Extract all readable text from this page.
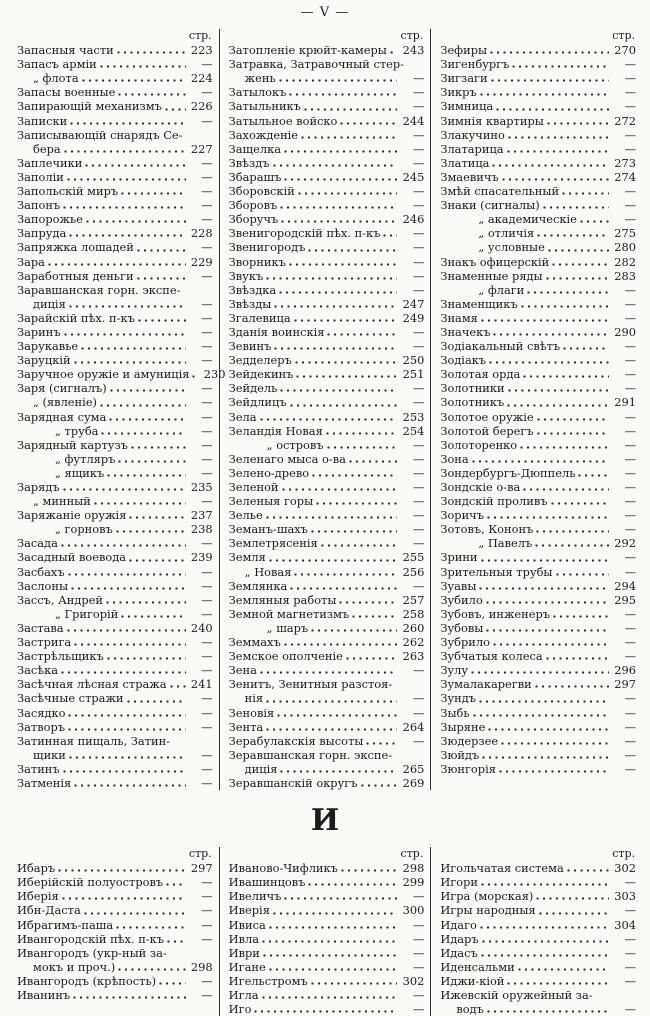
— V —
стр.
Запасныя части	223
Запасъ арміи	—
„ флота	224
Запасы военные	—
Запирающій механизмъ	226
Записки	—
Записывающій снарядъ Се-
бера	227
Заплечики	—
Заполіи	—
Запольскій миръ	—
Запонъ	—
Запорожье	—
Запруда	228
Запряжка лошадей	—
Зара	229
Заработныя деньги	—
Заравшанская горн. экспе-
диція	—
Зарайскій пѣх. п-къ	—
Заринъ	—
Зарукавье	—
Заруцкій	—
Заручное оружіе и амуниція 230
Заря (сигналъ)	—
„ (явленіе)	—
Зарядная сума	—
„ труба	—
Зарядный картузъ	—
„ футляръ	—
„ ящикъ	—
Зарядъ	235
„ минный	—
Заряжаніе оружія	237
„ горновъ	238
Засада	—
Засадный воевода	239
Засбахъ	—
Заслоны	—
Зассъ, Андрей	—
„ Григорій	—
Застава	240
Застрига	—
Застрѣльщикъ	—
Засѣка	—
Засѣчная лѣсная стража 241
Засѣчные стражи	—
Засядко	—
Затворъ	—
Затинная пищаль, Затин-
щики	—
Затинъ	—
Затменія	—
стр.
Затопленіе крюйт-камеры 243
Затравка, Затравочный стер-
жень	—
Затылокъ	—
Затыльникъ	—
Затыльное войско	244
Захожденіе	—
Защелка	—
Звѣздъ	—
Збарашъ	245
Зборовскій	—
Зборовъ	—
Зборучъ	246
Звенигородскій пѣх. п-къ	—
Звенигородъ	—
Зворникъ	—
Звукъ	—
Звѣздка	—
Звѣзды	247
Згалевица	249
Зданія воинскія	—
Зевинъ	—
Зедделеръ	250
Зейдекинъ	251
Зейдель	—
Зейдлицъ	—
Зела	253
Зеландія Новая	254
„ островъ	—
Зеленаго мыса о-ва	—
Зелено-древо	—
Зеленой	—
Зеленыя горы	—
Зелье	—
Земанъ-шахъ	—
Землетрясенія	—
Земля	255
„ Новая	256
Землянка	—
Земляныя работы	257
Земной магнетизмъ	258
„ шаръ	260
Земмахъ	262
Земское ополченіе	263
Зена	—
Зенитъ, Зенитныя разстоя-
нія	—
Зеновія	—
Зента	264
Зерабулакскія высоты	—
Зеравшанская горн. экспе-
диція	265
Зеравшанскій округъ	269
стр.
Зефиры	270
Зигенбургъ	—
Зигзаги	—
Зикръ	—
Зимница	—
Зимнія квартиры	272
Злакучино	—
Златарица	—
Златица	273
Змаевичъ	274
Змѣй спасательный	—
Знаки (сигналы)	—
„ академическіе	—
„ отличія	275
„ условные	280
Знакъ офицерскій	282
Знаменные ряды	283
„ флаги	—
Знаменщикъ	—
Знамя	—
Значекъ	290
Зодіакальный свѣтъ	—
Зодіакъ	—
Золотая орда	—
Золотники	—
Золотникъ	291
Золотое оружіе	—
Золотой берегъ	—
Золоторенко	—
Зона	—
Зондербургъ-Дюппель	—
Зондскіе о-ва	—
Зондскій проливъ	—
Зоричъ	—
Зотовъ, Кононъ	—
„ Павелъ	292
Зрини	—
Зрительныя трубы	—
Зуавы	294
Зубило	295
Зубовъ, инженеръ	—
Зубовы	—
Зубрило	—
Зубчатыя колеса	—
Зулу	296
Зумалакарегви	297
Зундъ	—
Зыбь	—
Зыряне	—
Зюдерзее	—
Зюйдъ	—
Зюнгорія	—
И
стр.
Ибаръ	297
Иберійскій полуостровъ	—
Иберія	—
Ибн-Даста	—
Ибрагимъ-паша	—
Ивангородскій пѣх. п-къ	—
Ивангородъ (укр-ный за-
мокъ и проч.)	298
Ивангородъ (крѣпость)	—
Иванинъ	—
стр.
Иваново-Чифликъ	298
Ивашинцовъ	299
Ивеличъ	—
Иверія	300
Ивиса	—
Ивла	—
Иври	—
Игане	—
Игельстромъ	302
Игла	—
Иго	—
стр.
Игольчатая система	302
Игори	—
Игра (морская)	303
Игры народныя	—
Идаго	304
Идаръ	—
Идасъ	—
Иденсальми	—
Иджи-кіой	—
Ижевскій оружейный за-
водъ	—
